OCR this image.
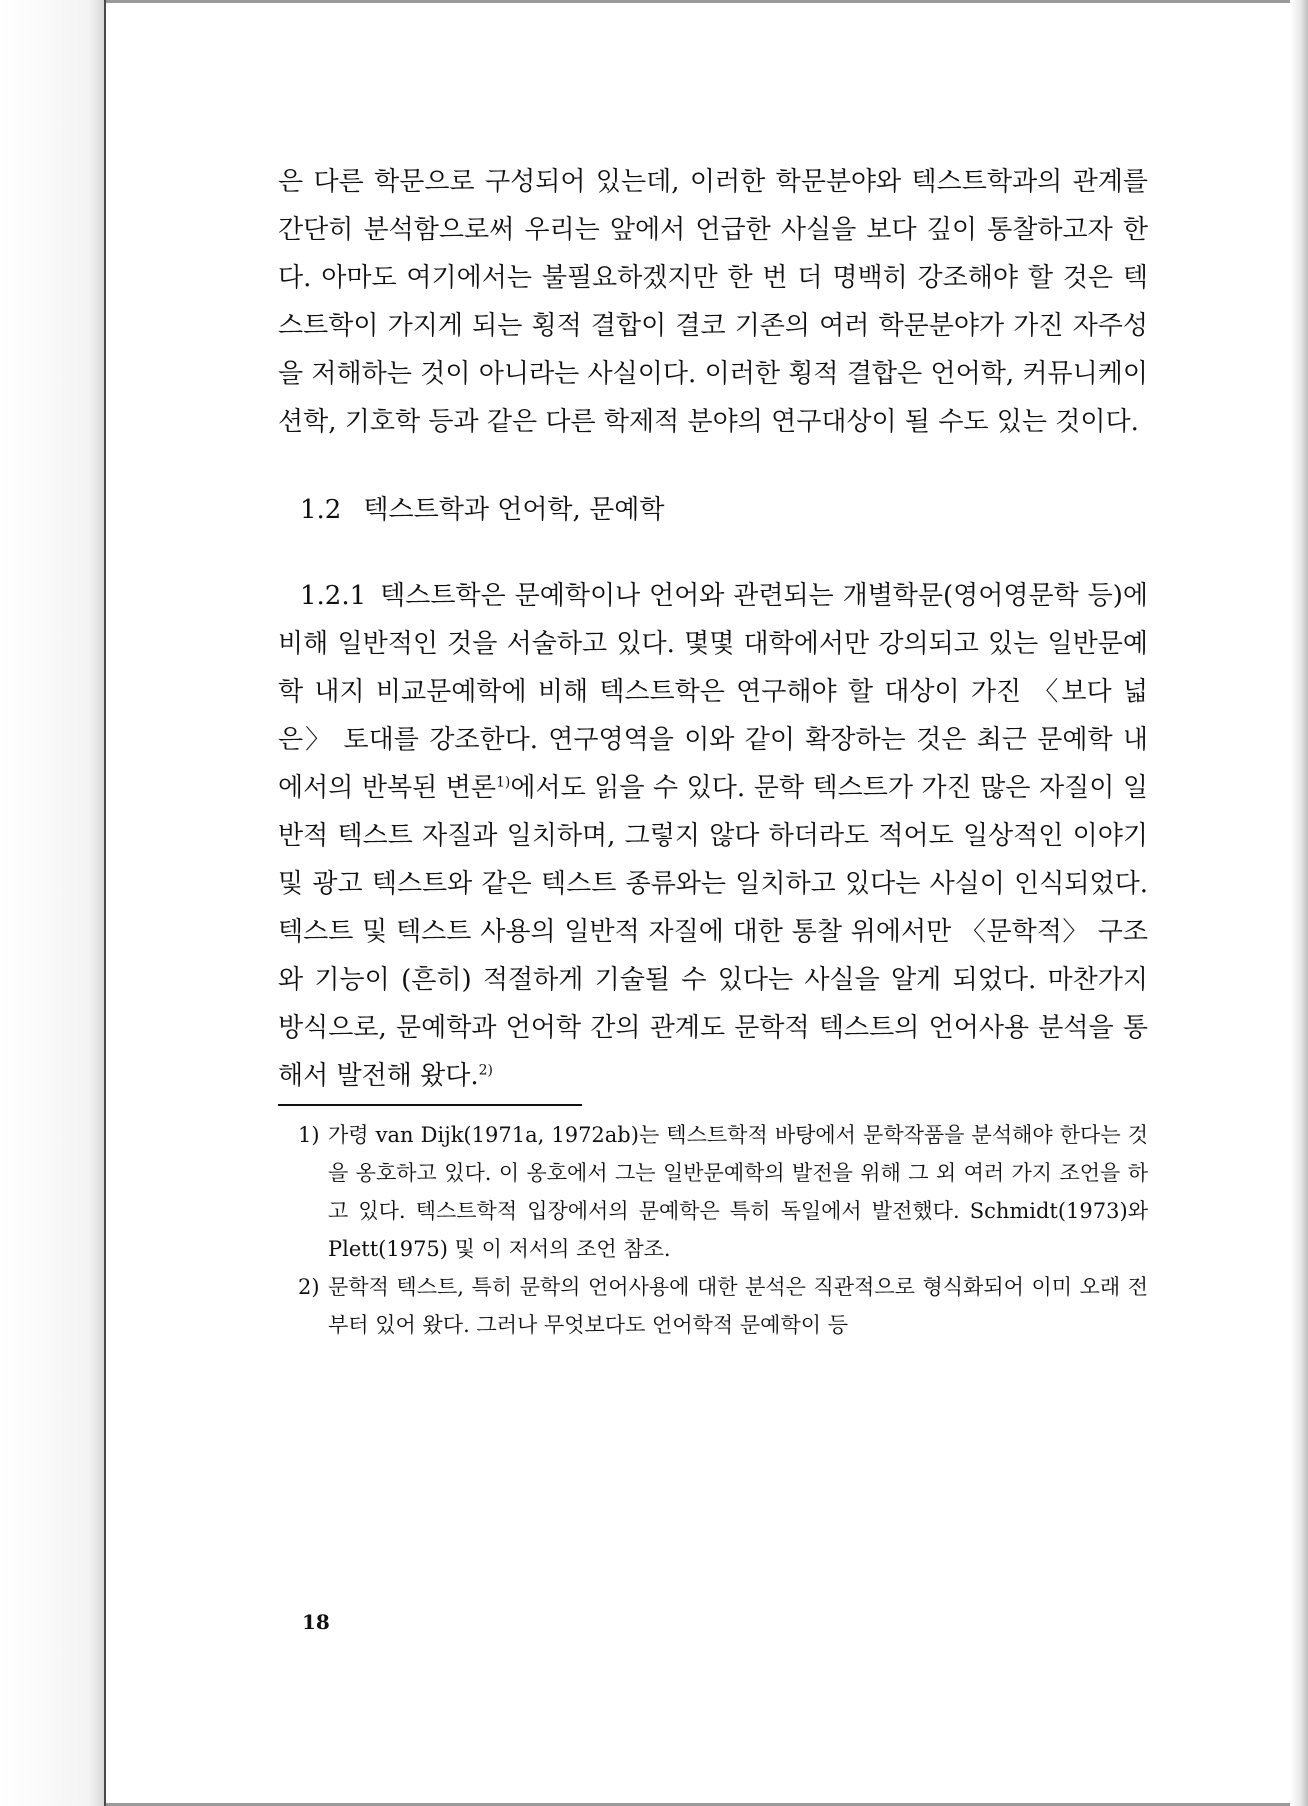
은 다른 학문으로 구성되어 있는데, 이러한 학문분야와 텍스트학과의 관계를 간단히 분석함으로써 우리는 앞에서 언급한 사실을 보다 깊이 통찰하고자 한다. 아마도 여기에서는 불필요하겠지만 한 번 더 명백히 강조해야 할 것은 텍스트학이 가지게 되는 횡적 결합이 결코 기존의 여러 학문분야가 가진 자주성을 저해하는 것이 아니라는 사실이다. 이러한 횡적 결합은 언어학, 커뮤니케이션학, 기호학 등과 같은 다른 학제적 분야의 연구대상이 될 수도 있는 것이다.

1.2 텍스트학과 언어학, 문예학

1.2.1 텍스트학은 문예학이나 언어와 관련되는 개별학문(영어영문학 등)에 비해 일반적인 것을 서술하고 있다. 몇몇 대학에서만 강의되고 있는 일반문예학 내지 비교문예학에 비해 텍스트학은 연구해야 할 대상이 가진 〈보다 넓은〉 토대를 강조한다. 연구영역을 이와 같이 확장하는 것은 최근 문예학 내에서의 반복된 변론$^{1)}$에서도 읽을 수 있다. 문학 텍스트가 가진 많은 자질이 일반적 텍스트 자질과 일치하며, 그렇지 않다 하더라도 적어도 일상적인 이야기 및 광고 텍스트와 같은 텍스트 종류와는 일치하고 있다는 사실이 인식되었다. 텍스트 및 텍스트 사용의 일반적 자질에 대한 통찰 위에서만 〈문학적〉 구조와 기능이 (흔히) 적절하게 기술될 수 있다는 사실을 알게 되었다. 마찬가지 방식으로, 문예학과 언어학 간의 관계도 문학적 텍스트의 언어사용 분석을 통해서 발전해 왔다.$^{2)}$

1) 가령 van Dijk(1971a, 1972ab)는 텍스트학적 바탕에서 문학작품을 분석해야 한다는 것을 옹호하고 있다. 이 옹호에서 그는 일반문예학의 발전을 위해 그 외 여러 가지 조언을 하고 있다. 텍스트학적 입장에서의 문예학은 특히 독일에서 발전했다. Schmidt(1973)와 Plett(1975) 및 이 저서의 조언 참조.

2) 문학적 텍스트, 특히 문학의 언어사용에 대한 분석은 직관적으로 형식화되어 이미 오래 전부터 있어 왔다. 그러나 무엇보다도 언어학적 문예학이 등

18
